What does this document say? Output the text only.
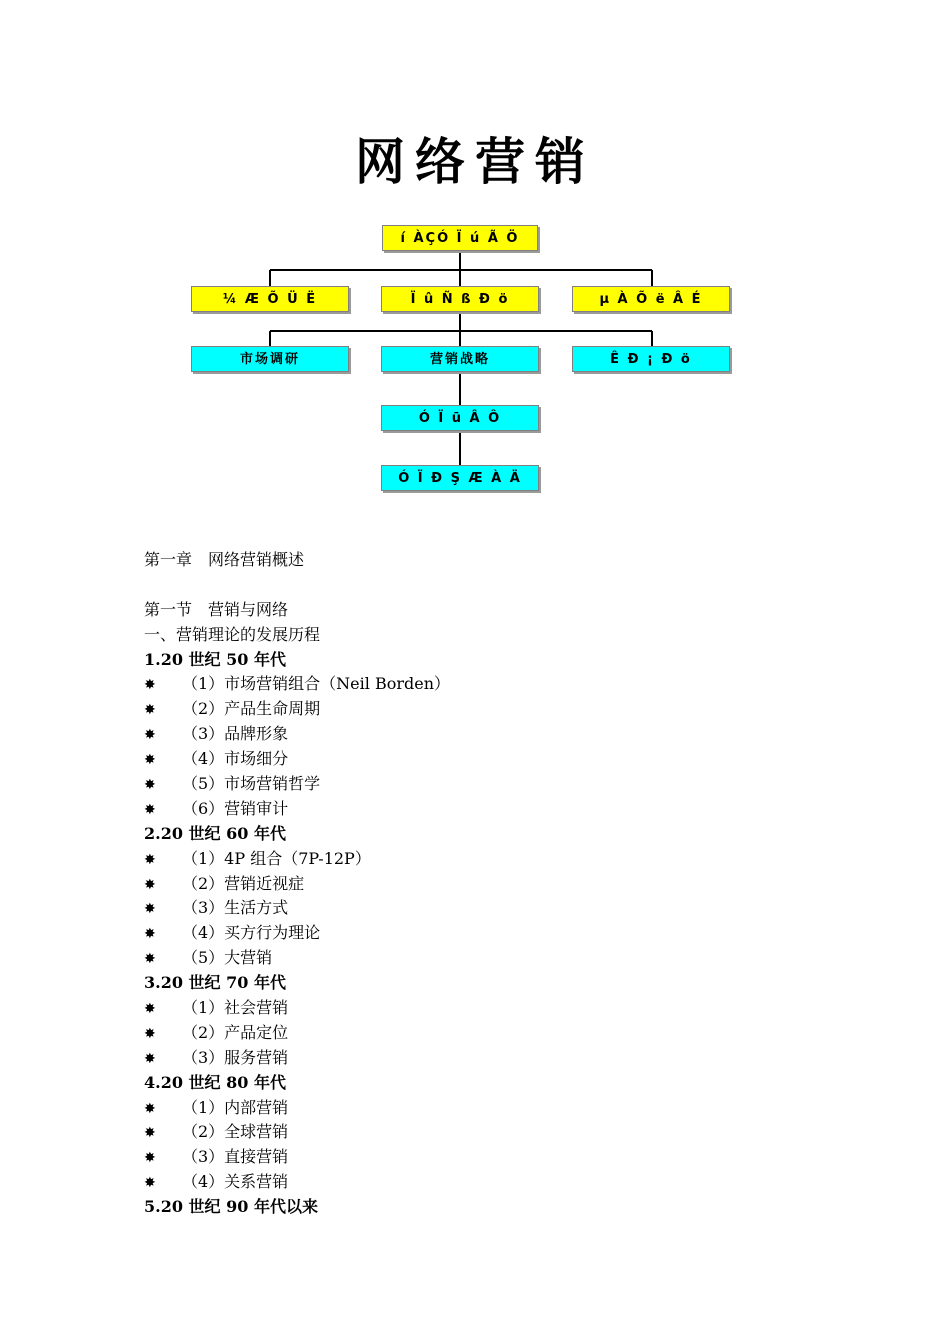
网络营销
í ÀÇÓ Ï ú Ã Ö
¼ Æ Õ Ü Ë	Ï û Ñ ß Ð ö	µ À Õ ë Â É
市场调研	营销战略	Ê Ð ¡ Ð ö
Ó Ï ū Â Ô
Ó Ï Ð Ş Æ À Ä
第一章　网络营销概述
第一节　营销与网络
一、营销理论的发展历程
1.20 世纪 50 年代
✸ （1）市场营销组合（Neil Borden）
✸ （2）产品生命周期
✸ （3）品牌形象
✸ （4）市场细分
✸ （5）市场营销哲学
✸ （6）营销审计
2.20 世纪 60 年代
✸ （1）4P 组合（7P-12P）
✸ （2）营销近视症
✸ （3）生活方式
✸ （4）买方行为理论
✸ （5）大营销
3.20 世纪 70 年代
✸ （1）社会营销
✸ （2）产品定位
✸ （3）服务营销
4.20 世纪 80 年代
✸ （1）内部营销
✸ （2）全球营销
✸ （3）直接营销
✸ （4）关系营销
5.20 世纪 90 年代以来
